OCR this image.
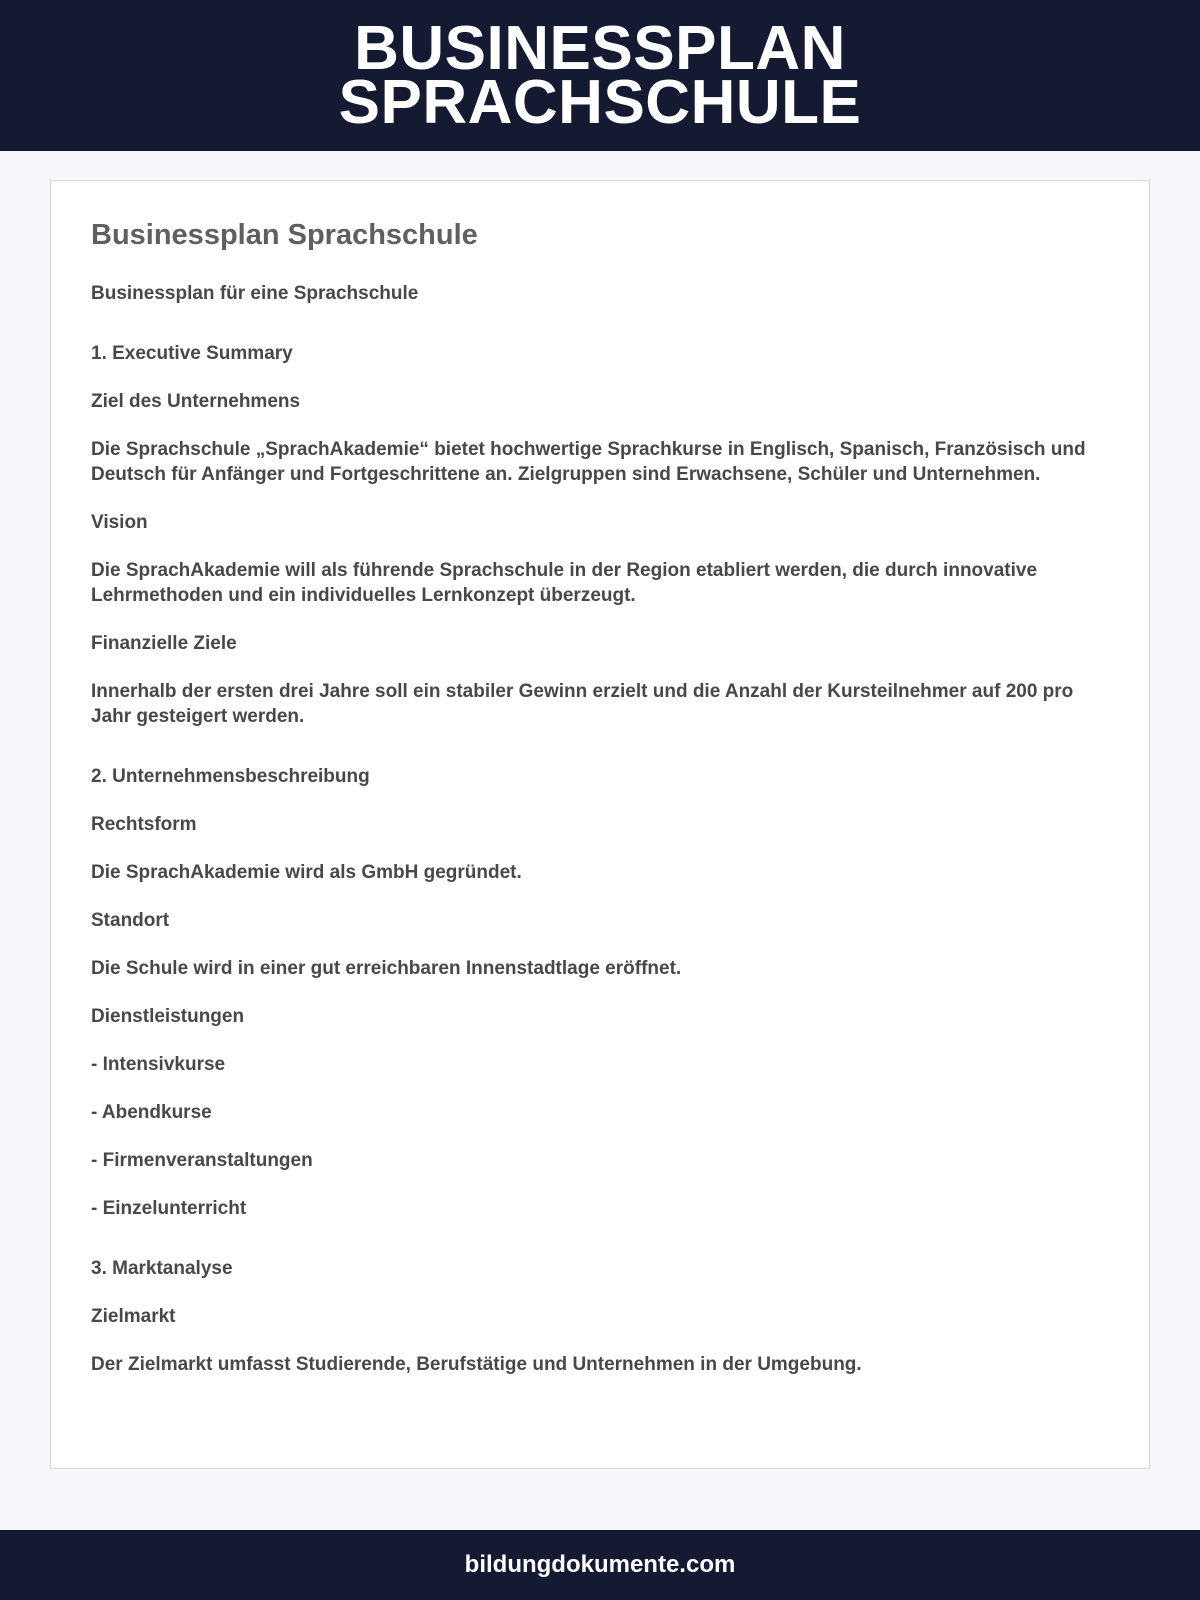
BUSINESSPLAN
SPRACHSCHULE
Businessplan Sprachschule
Businessplan für eine Sprachschule
1. Executive Summary
Ziel des Unternehmens
Die Sprachschule „SprachAkademie“ bietet hochwertige Sprachkurse in Englisch, Spanisch, Französisch und Deutsch für Anfänger und Fortgeschrittene an. Zielgruppen sind Erwachsene, Schüler und Unternehmen.
Vision
Die SprachAkademie will als führende Sprachschule in der Region etabliert werden, die durch innovative Lehrmethoden und ein individuelles Lernkonzept überzeugt.
Finanzielle Ziele
Innerhalb der ersten drei Jahre soll ein stabiler Gewinn erzielt und die Anzahl der Kursteilnehmer auf 200 pro Jahr gesteigert werden.
2. Unternehmensbeschreibung
Rechtsform
Die SprachAkademie wird als GmbH gegründet.
Standort
Die Schule wird in einer gut erreichbaren Innenstadtlage eröffnet.
Dienstleistungen
- Intensivkurse
- Abendkurse
- Firmenveranstaltungen
- Einzelunterricht
3. Marktanalyse
Zielmarkt
Der Zielmarkt umfasst Studierende, Berufstätige und Unternehmen in der Umgebung.
bildungdokumente.com
